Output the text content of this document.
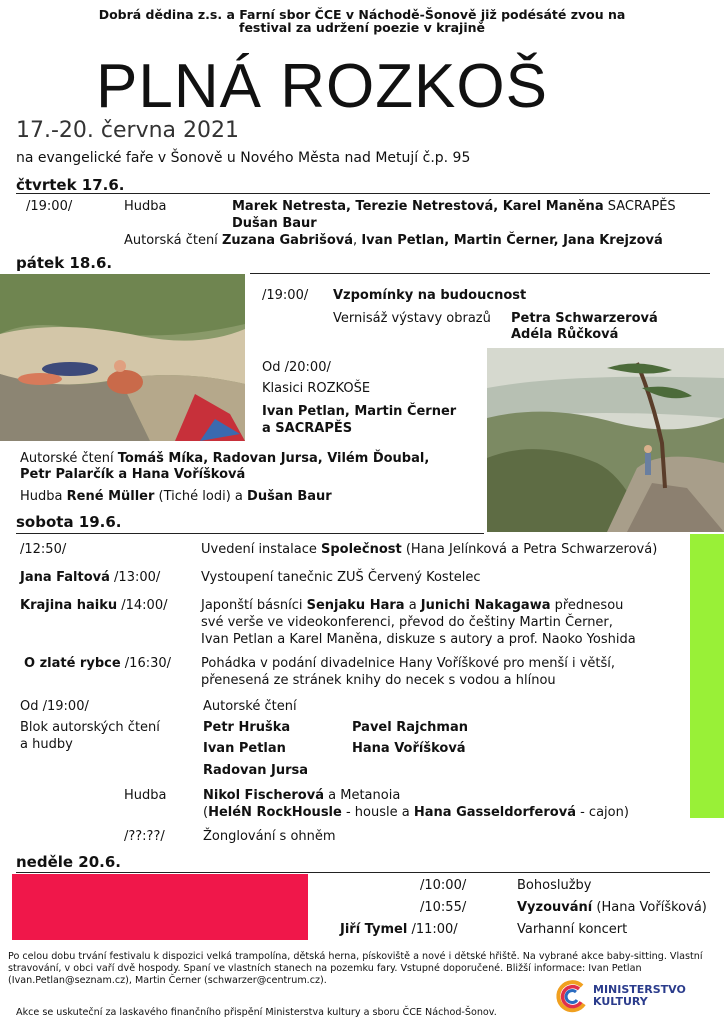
Dobrá dědina z.s. a Farní sbor ČCE v Náchodě-Šonově již podésáté zvou na
festival za udržení poezie v krajině
PLNÁ ROZKOŠ
17.-20. června 2021
na evangelické faře v Šonově u Nového Města nad Metují č.p. 95
čtvrtek 17.6.
/19:00/	Hudba	Marek Netresta, Terezie Netrestová, Karel Maněna SACRAPĚS
Dušan Baur
Autorská čtení Zuzana Gabrišová, Ivan Petlan, Martin Černer, Jana Krejzová
pátek 18.6.
/19:00/ Vzpomínky na budoucnost
Vernisáž výstavy obrazů Petra Schwarzerová
Adéla Růčková
Od /20:00/
Klasici ROZKOŠE
Ivan Petlan, Martin Černer
a SACRAPĚS
Autorské čtení Tomáš Míka, Radovan Jursa, Vilém Ďoubal,
Petr Palarčík a Hana Voříšková
Hudba René Müller (Tiché lodi) a Dušan Baur
sobota 19.6.
/12:50/	Uvedení instalace Společnost (Hana Jelínková a Petra Schwarzerová)
Jana Faltová /13:00/	Vystoupení tanečnic ZUŠ Červený Kostelec
Krajina haiku /14:00/	Japonští básníci Senjaku Hara a Junichi Nakagawa přednesou
své verše ve videokonferenci, převod do češtiny Martin Černer,
Ivan Petlan a Karel Maněna, diskuze s autory a prof. Naoko Yoshida
O zlaté rybce /16:30/ Pohádka v podání divadelnice Hany Voříškové pro menší i větší,
přenesená ze stránek knihy do necek s vodou a hlínou
Od /19:00/	Autorské čtení
Blok autorských čtení
a hudby
Petr Hruška	Pavel Rajchman
Ivan Petlan	Hana Voříšková
Radovan Jursa
Hudba	Nikol Fischerová a Metanoia
(HeléN RockHousle - housle a Hana Gasseldorferová - cajon)
/??:??/	Žonglování s ohněm
neděle 20.6.
/10:00/	Bohoslužby
/10:55/	Vyzouvání (Hana Voříšková)
Jiří Tymel /11:00/	Varhanní koncert
Po celou dobu trvání festivalu k dispozici velká trampolína, dětská herna, pískoviště a nové i dětské hřiště. Na vybrané akce baby-sitting. Vlastní stravování, v obci vaří dvě hospody. Spaní ve vlastních stanech na pozemku fary. Vstupné doporučené. Bližší informace: Ivan Petlan (Ivan.Petlan@seznam.cz), Martin Černer (schwarzer@centrum.cz).
Akce se uskuteční za laskavého finančního přispění Ministerstva kultury a sboru ČCE Náchod-Šonov.
MINISTERSTVO
KULTURY
